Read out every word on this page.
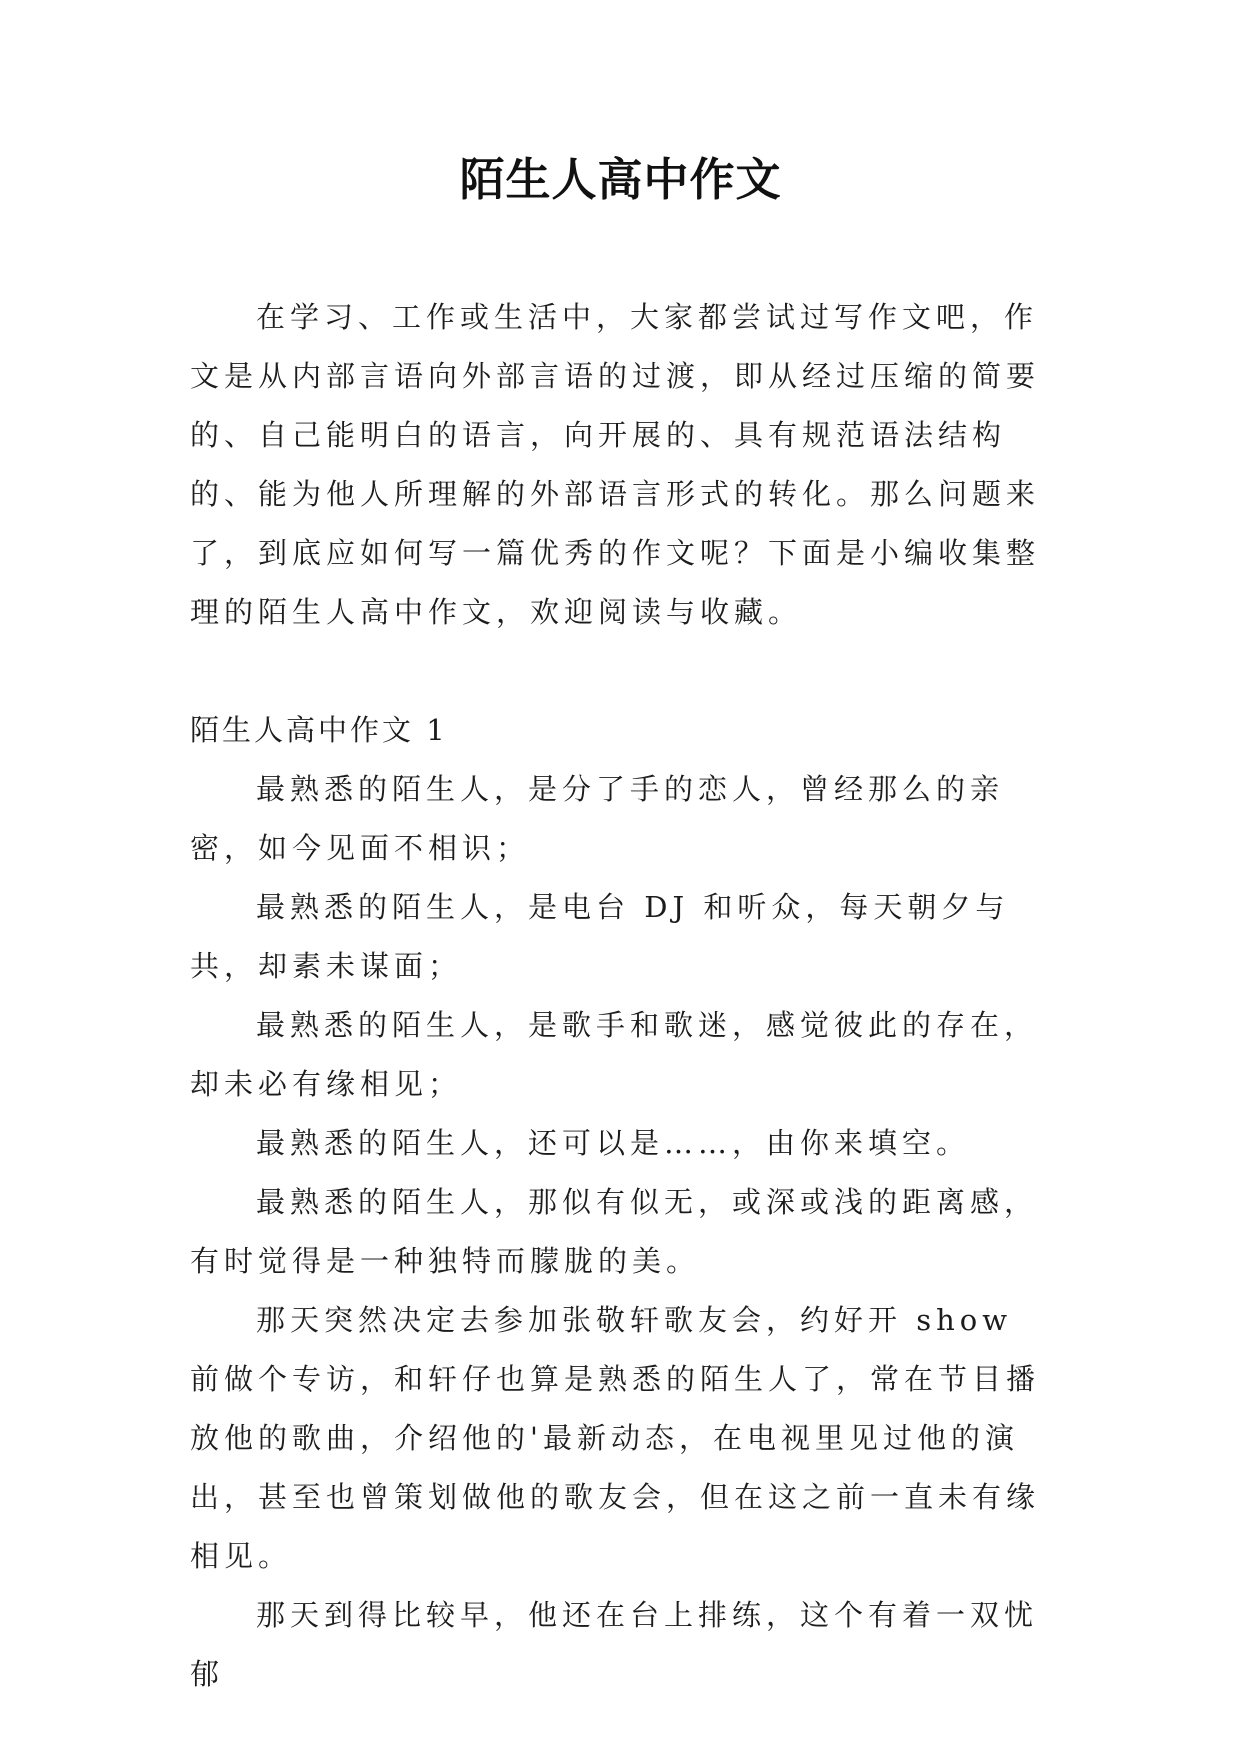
陌生人高中作文

在学习、工作或生活中，大家都尝试过写作文吧，作文是从内部言语向外部言语的过渡，即从经过压缩的简要的、自己能明白的语言，向开展的、具有规范语法结构的、能为他人所理解的外部语言形式的转化。那么问题来了，到底应如何写一篇优秀的作文呢？下面是小编收集整理的陌生人高中作文，欢迎阅读与收藏。

陌生人高中作文 1

最熟悉的陌生人，是分了手的恋人，曾经那么的亲密，如今见面不相识；

最熟悉的陌生人，是电台 DJ 和听众，每天朝夕与共，却素未谋面；

最熟悉的陌生人，是歌手和歌迷，感觉彼此的存在，却未必有缘相见；

最熟悉的陌生人，还可以是……，由你来填空。

最熟悉的陌生人，那似有似无，或深或浅的距离感，有时觉得是一种独特而朦胧的美。

那天突然决定去参加张敬轩歌友会，约好开 show 前做个专访，和轩仔也算是熟悉的陌生人了，常在节目播放他的歌曲，介绍他的'最新动态，在电视里见过他的演出，甚至也曾策划做他的歌友会，但在这之前一直未有缘相见。

那天到得比较早，他还在台上排练，这个有着一双忧郁
